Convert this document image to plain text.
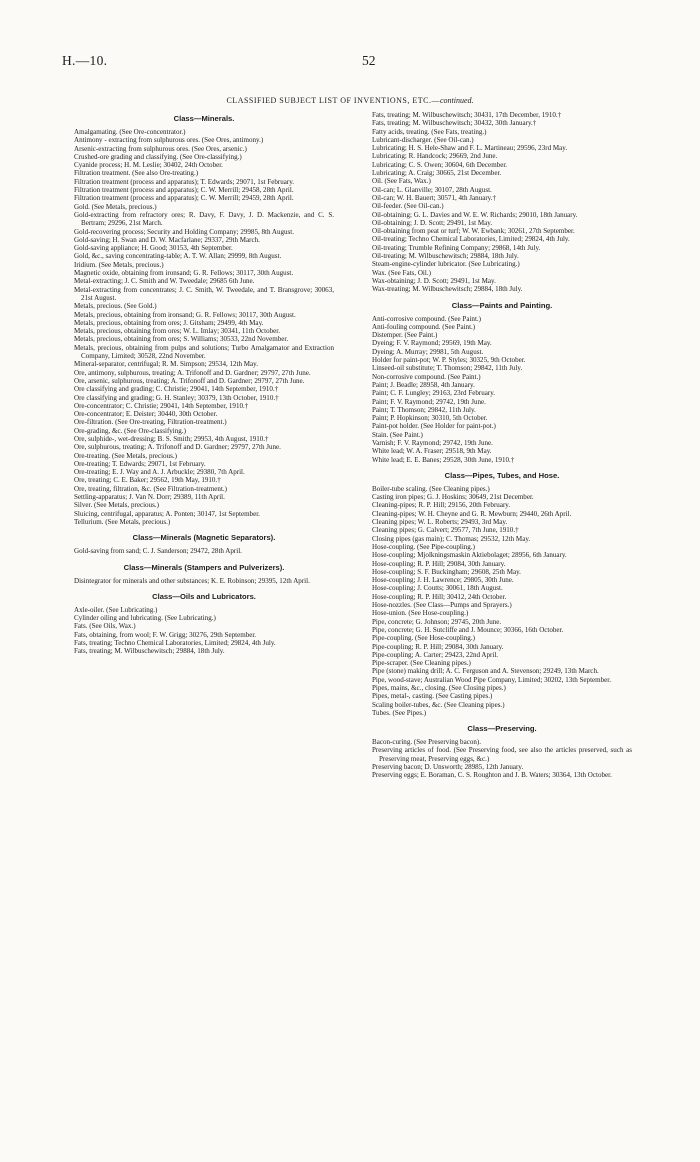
H.—10.	52
CLASSIFIED SUBJECT LIST OF INVENTIONS, ETC.—continued.
Class—Minerals.
Amalgamating. (See Ore-concentrator.)
Antimony - extracting from sulphurous ores. (See Ores, antimony.)
Arsenic-extracting from sulphurous ores. (See Ores, arsenic.)
Crushed-ore grading and classifying. (See Ore-classifying.)
Cyanide process; H. M. Leslie; 30402, 24th October.
Filtration treatment. (See also Ore-treating.)
Filtration treatment (process and apparatus); T. Edwards; 29071, 1st February.
Filtration treatment (process and apparatus); C. W. Merrill; 29458, 28th April.
Filtration treatment (process and apparatus); C. W. Merrill; 29459, 28th April.
Gold. (See Metals, precious.)
Gold-extracting from refractory ores; R. Davy, F. Davy, J. D. Mackenzie, and C. S. Bertram; 29296, 21st March.
Gold-recovering process; Security and Holding Company; 29985, 8th August.
Gold-saving; H. Swan and D. W. Macfarlane; 29337, 29th March.
Gold-saving appliance; H. Good; 30153, 4th September.
Gold, &c., saving concentrating-table; A. T. W. Allan; 29999, 8th August.
Iridium. (See Metals, precious.)
Magnetic oxide, obtaining from ironsand; G. R. Fellows; 30117, 30th August.
Metal-extracting; J. C. Smith and W. Tweedale; 29685 6th June.
Metal-extracting from concentrates; J. C. Smith, W. Tweedale, and T. Bransgrove; 30063, 21st August.
Metals, precious. (See Gold.)
Metals, precious, obtaining from ironsand; G. R. Fellows; 30117, 30th August.
Metals, precious, obtaining from ores; J. Gitsham; 29499, 4th May.
Metals, precious, obtaining from ores; W. L. Imlay; 30341, 11th October.
Metals, precious, obtaining from ores; S. Williams; 30533, 22nd November.
Metals, precious, obtaining from pulps and solutions; Turbo Amalgamator and Extraction Company, Limited; 30528, 22nd November.
Mineral-separator, centrifugal; R. M. Simpson; 29534, 12th May.
Ore, antimony, sulphurous, treating; A. Trifonoff and D. Gardner; 29797, 27th June.
Ore, arsenic, sulphurous, treating; A. Trifonoff and D. Gardner; 29797, 27th June.
Ore classifying and grading; C. Christie; 29041, 14th September, 1910.†
Ore classifying and grading; G. H. Stanley; 30379, 13th October, 1910.†
Ore-concentrator; C. Christie; 29041, 14th September, 1910.†
Ore-concentrator; E. Deister; 30440, 30th October.
Ore-filtration. (See Ore-treating, Filtration-treatment.)
Ore-grading, &c. (See Ore-classifying.)
Ore, sulphide-, wet-dressing; B. S. Smith; 29953, 4th August, 1910.†
Ore, sulphurous, treating; A. Trifonoff and D. Gardner; 29797, 27th June.
Ore-treating. (See Metals, precious.)
Ore-treating; T. Edwards; 29071, 1st February.
Ore-treating; E. J. Way and A. J. Arbuckle; 29380, 7th April.
Ore, treating; C. E. Baker; 29562, 19th May, 1910.†
Ore, treating, filtration, &c. (See Filtration-treatment.)
Settling-apparatus; J. Van N. Dorr; 29389, 11th April.
Silver. (See Metals, precious.)
Sluicing, centrifugal, apparatus; A. Ponten; 30147, 1st September.
Tellurium. (See Metals, precious.)
Class—Minerals (Magnetic Separators).
Gold-saving from sand; C. J. Sanderson; 29472, 28th April.
Class—Minerals (Stampers and Pulverizers).
Disintegrator for minerals and other substances; K. E. Robinson; 29395, 12th April.
Class—Oils and Lubricators.
Axle-oiler. (See Lubricating.)
Cylinder oiling and lubricating. (See Lubricating.)
Fats. (See Oils, Wax.)
Fats, obtaining, from wool; F. W. Grigg; 30276, 29th September.
Fats, treating; Techno Chemical Laboratories, Limited; 29824, 4th July.
Fats, treating; M. Wilbuschewitsch; 29884, 18th July.
Fats, treating; M. Wilbuschewitsch; 30431, 17th December, 1910.†
Fats, treating; M. Wilbuschewitsch; 30432, 30th January.†
Fatty acids, treating. (See Fats, treating.)
Lubricant-discharger. (See Oil-can.)
Lubricating; H. S. Hele-Shaw and F. L. Martineau; 29596, 23rd May.
Lubricating; R. Handcock; 29669, 2nd June.
Lubricating; C. S. Owen; 30604, 6th December.
Lubricating; A. Craig; 30665, 21st December.
Oil. (See Fats, Wax.)
Oil-can; L. Glanville; 30107, 28th August.
Oil-can; W. H. Bauert; 30571, 4th January.†
Oil-feeder. (See Oil-can.)
Oil-obtaining; G. L. Davies and W. E. W. Richards; 29010, 18th January.
Oil-obtaining; J. D. Scott; 29491, 1st May.
Oil-obtaining from peat or turf; W. W. Ewbank; 30261, 27th September.
Oil-treating; Techno Chemical Laboratories, Limited; 29824, 4th July.
Oil-treating; Trumble Refining Company; 29868, 14th July.
Oil-treating; M. Wilbuschewitsch; 29884, 18th July.
Steam-engine-cylinder lubricator. (See Lubricating.)
Wax. (See Fats, Oil.)
Wax-obtaining; J. D. Scott; 29491, 1st May.
Wax-treating; M. Wilbuschewitsch; 29884, 18th July.
Class—Paints and Painting.
Anti-corrosive compound. (See Paint.)
Anti-fouling compound. (See Paint.)
Distemper. (See Paint.)
Dyeing; F. V. Raymond; 29569, 19th May.
Dyeing; A. Murray; 29981, 5th August.
Holder for paint-pot; W. P. Styles; 30325, 9th October.
Linseed-oil substitute; T. Thomson; 29842, 11th July.
Non-corrosive compound. (See Paint.)
Paint; J. Beadle; 28958, 4th January.
Paint; C. F. Lungley; 29163, 23rd February.
Paint; F. V. Raymond; 29742, 19th June.
Paint; T. Thomson; 29842, 11th July.
Paint; P. Hopkinson; 30310, 5th October.
Paint-pot holder. (See Holder for paint-pot.)
Stain. (See Paint.)
Varnish; F. V. Raymond; 29742, 19th June.
White lead; W. A. Fraser; 29518, 9th May.
White lead; E. E. Banes; 29528, 30th June, 1910.†
Class—Pipes, Tubes, and Hose.
Boiler-tube scaling. (See Cleaning pipes.)
Casting iron pipes; G. J. Hoskins; 30649, 21st December.
Cleaning-pipes; R. P. Hill; 29156, 20th February.
Cleaning-pipes; W. H. Cheyne and G. R. Mewburn; 29440, 26th April.
Cleaning pipes; W. L. Roberts; 29493, 3rd May.
Cleaning pipes; G. Calvert; 29577, 7th June, 1910.†
Closing pipes (gas main); C. Thomas; 29532, 12th May.
Hose-coupling. (See Pipe-coupling.)
Hose-coupling; Mjolkningsmaskin Aktiebolaget; 28956, 6th January.
Hose-coupling; R. P. Hill; 29084, 30th January.
Hose-coupling; S. F. Buckingham; 29608, 25th May.
Hose-coupling; J. H. Lawrence; 29805, 30th June.
Hose-coupling; J. Coutts; 30061, 18th August.
Hose-coupling; R. P. Hill; 30412, 24th October.
Hose-nozzles. (See Class—Pumps and Sprayers.)
Hose-union. (See Hose-coupling.)
Pipe, concrete; G. Johnson; 29745, 20th June.
Pipe, concrete; G. H. Sutcliffe and J. Mounce; 30366, 16th October.
Pipe-coupling. (See Hose-coupling.)
Pipe-coupling; R. P. Hill; 29084, 30th January.
Pipe-coupling; A. Carter; 29423, 22nd April.
Pipe-scraper. (See Cleaning pipes.)
Pipe (stone) making drill; A. C. Ferguson and A. Stevenson; 29249, 13th March.
Pipe, wood-stave; Australian Wood Pipe Company, Limited; 30202, 13th September.
Pipes, mains, &c., closing. (See Closing pipes.)
Pipes, metal-, casting. (See Casting pipes.)
Scaling boiler-tubes, &c. (See Cleaning pipes.)
Tubes. (See Pipes.)
Class—Preserving.
Bacon-curing. (See Preserving bacon).
Preserving articles of food. (See Preserving food, see also the articles preserved, such as Preserving meat, Preserving eggs, &c.)
Preserving bacon; D. Unsworth; 28985, 12th January.
Preserving eggs; E. Boraman, C. S. Roughton and J. B. Waters; 30364, 13th October.
